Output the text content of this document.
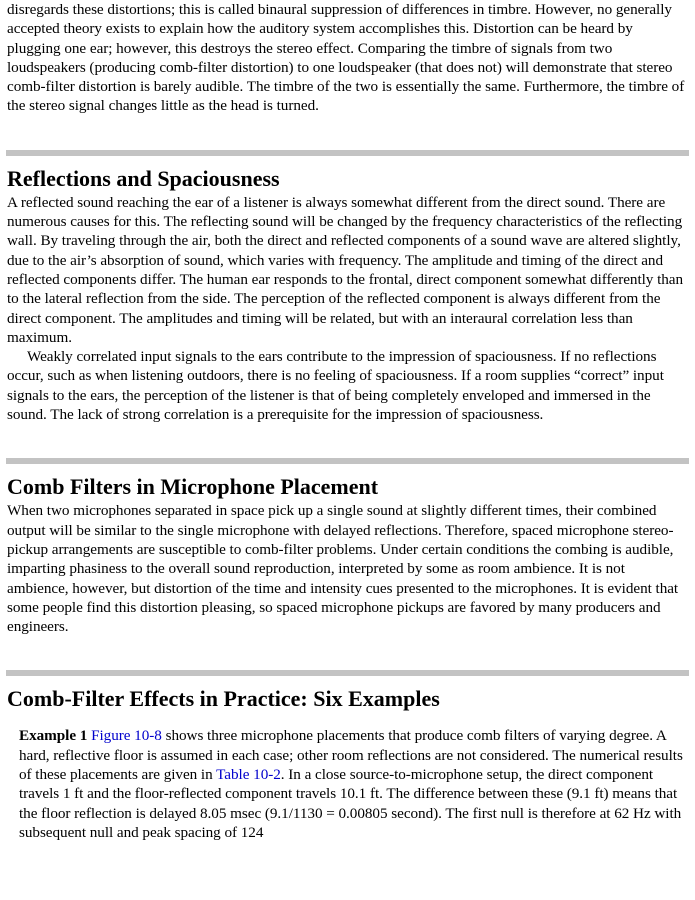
disregards these distortions; this is called binaural suppression of differences in timbre. However, no generally accepted theory exists to explain how the auditory system accomplishes this. Distortion can be heard by plugging one ear; however, this destroys the stereo effect. Comparing the timbre of signals from two loudspeakers (producing comb-filter distortion) to one loudspeaker (that does not) will demonstrate that stereo comb-filter distortion is barely audible. The timbre of the two is essentially the same. Furthermore, the timbre of the stereo signal changes little as the head is turned.

Reflections and Spaciousness

A reflected sound reaching the ear of a listener is always somewhat different from the direct sound. There are numerous causes for this. The reflecting sound will be changed by the frequency characteristics of the reflecting wall. By traveling through the air, both the direct and reflected components of a sound wave are altered slightly, due to the air’s absorption of sound, which varies with frequency. The amplitude and timing of the direct and reflected components differ. The human ear responds to the frontal, direct component somewhat differently than to the lateral reflection from the side. The perception of the reflected component is always different from the direct component. The amplitudes and timing will be related, but with an interaural correlation less than maximum.

Weakly correlated input signals to the ears contribute to the impression of spaciousness. If no reflections occur, such as when listening outdoors, there is no feeling of spaciousness. If a room supplies “correct” input signals to the ears, the perception of the listener is that of being completely enveloped and immersed in the sound. The lack of strong correlation is a prerequisite for the impression of spaciousness.

Comb Filters in Microphone Placement

When two microphones separated in space pick up a single sound at slightly different times, their combined output will be similar to the single microphone with delayed reflections. Therefore, spaced microphone stereo-pickup arrangements are susceptible to comb-filter problems. Under certain conditions the combing is audible, imparting phasiness to the overall sound reproduction, interpreted by some as room ambience. It is not ambience, however, but distortion of the time and intensity cues presented to the microphones. It is evident that some people find this distortion pleasing, so spaced microphone pickups are favored by many producers and engineers.

Comb-Filter Effects in Practice: Six Examples

Example 1 Figure 10-8 shows three microphone placements that produce comb filters of varying degree. A hard, reflective floor is assumed in each case; other room reflections are not considered. The numerical results of these placements are given in Table 10-2. In a close source-to-microphone setup, the direct component travels 1 ft and the floor-reflected component travels 10.1 ft. The difference between these (9.1 ft) means that the floor reflection is delayed 8.05 msec (9.1/1130 = 0.00805 second). The first null is therefore at 62 Hz with subsequent null and peak spacing of 124
